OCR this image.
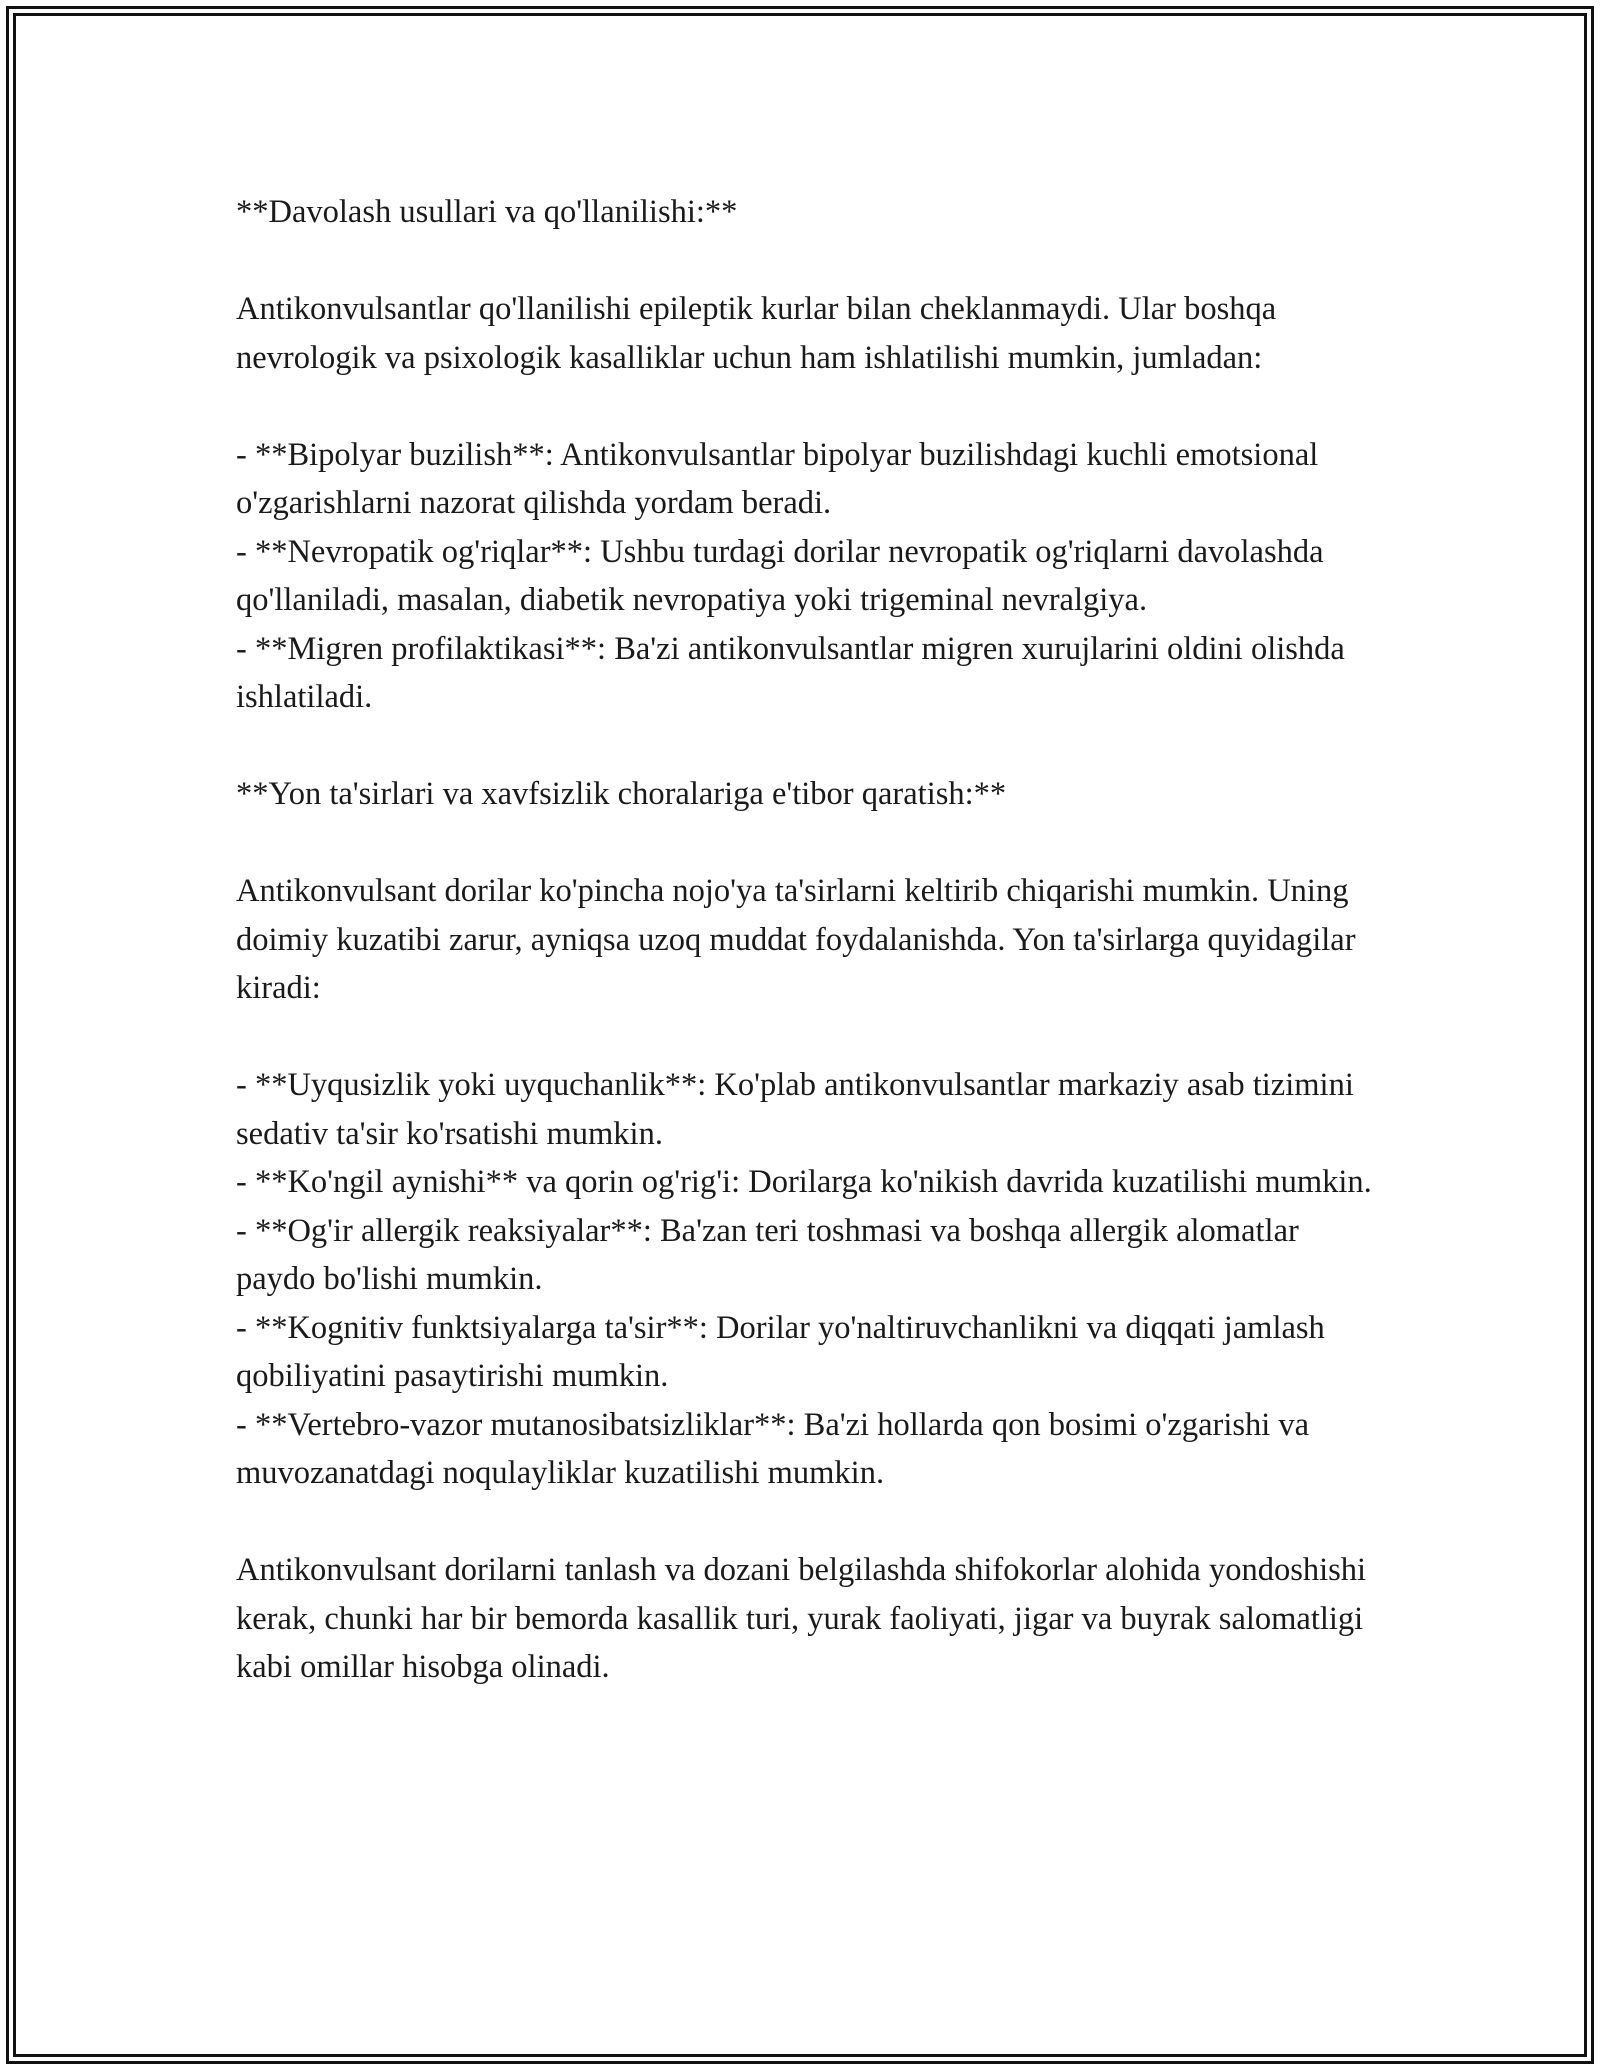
**Davolash usullari va qo'llanilishi:**

Antikonvulsantlar qo'llanilishi epileptik kurlar bilan cheklanmaydi. Ular boshqa nevrologik va psixologik kasalliklar uchun ham ishlatilishi mumkin, jumladan:

- **Bipolyar buzilish**: Antikonvulsantlar bipolyar buzilishdagi kuchli emotsional o'zgarishlarni nazorat qilishda yordam beradi.

- **Nevropatik og'riqlar**: Ushbu turdagi dorilar nevropatik og'riqlarni davolashda qo'llaniladi, masalan, diabetik nevropatiya yoki trigeminal nevralgiya.

- **Migren profilaktikasi**: Ba'zi antikonvulsantlar migren xurujlarini oldini olishda ishlatiladi.

**Yon ta'sirlari va xavfsizlik choralariga e'tibor qaratish:**

Antikonvulsant dorilar ko'pincha nojo'ya ta'sirlarni keltirib chiqarishi mumkin. Uning doimiy kuzatibi zarur, ayniqsa uzoq muddat foydalanishda. Yon ta'sirlarga quyidagilar kiradi:

- **Uyqusizlik yoki uyquchanlik**: Ko'plab antikonvulsantlar markaziy asab tizimini sedativ ta'sir ko'rsatishi mumkin.

- **Ko'ngil aynishi** va qorin og'rig'i: Dorilarga ko'nikish davrida kuzatilishi mumkin.

- **Og'ir allergik reaksiyalar**: Ba'zan teri toshmasi va boshqa allergik alomatlar paydo bo'lishi mumkin.

- **Kognitiv funktsiyalarga ta'sir**: Dorilar yo'naltiruvchanlikni va diqqati jamlash qobiliyatini pasaytirishi mumkin.

- **Vertebro-vazor mutanosibatsizliklar**: Ba'zi hollarda qon bosimi o'zgarishi va muvozanatdagi noqulayliklar kuzatilishi mumkin.

Antikonvulsant dorilarni tanlash va dozani belgilashda shifokorlar alohida yondoshishi kerak, chunki har bir bemorda kasallik turi, yurak faoliyati, jigar va buyrak salomatligi kabi omillar hisobga olinadi.
